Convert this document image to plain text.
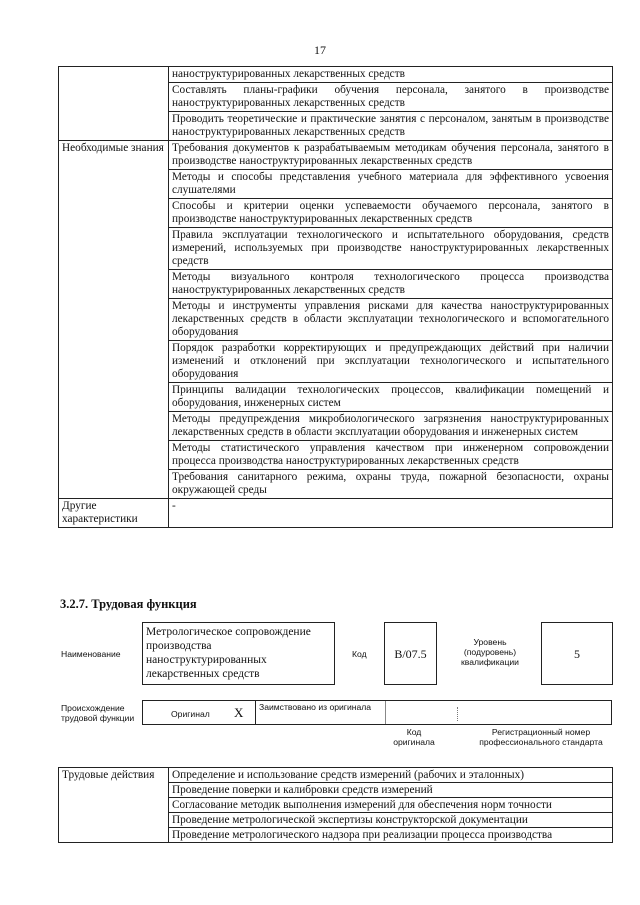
17
	наноструктурированных лекарственных средств
	Составлять планы-графики обучения персонала, занятого в производстве наноструктурированных лекарственных средств
	Проводить теоретические и практические занятия с персоналом, занятым в производстве наноструктурированных лекарственных средств
Необходимые знания	Требования документов к разрабатываемым методикам обучения персонала, занятого в производстве наноструктурированных лекарственных средств
	Методы и способы представления учебного материала для эффективного усвоения слушателями
	Способы и критерии оценки успеваемости обучаемого персонала, занятого в производстве наноструктурированных лекарственных средств
	Правила эксплуатации технологического и испытательного оборудования, средств измерений, используемых при производстве наноструктурированных лекарственных средств
	Методы визуального контроля технологического процесса производства наноструктурированных лекарственных средств
	Методы и инструменты управления рисками для качества наноструктурированных лекарственных средств в области эксплуатации технологического и вспомогательного оборудования
	Порядок разработки корректирующих и предупреждающих действий при наличии изменений и отклонений при эксплуатации технологического и испытательного оборудования
	Принципы валидации технологических процессов, квалификации помещений и оборудования, инженерных систем
	Методы предупреждения микробиологического загрязнения наноструктурированных лекарственных средств в области эксплуатации оборудования и инженерных систем
	Методы статистического управления качеством при инженерном сопровождении процесса производства наноструктурированных лекарственных средств
	Требования санитарного режима, охраны труда, пожарной безопасности, охраны окружающей среды
Другие характеристики	-
3.2.7. Трудовая функция
Наименование
Метрологическое сопровождение производства наноструктурированных лекарственных средств
Код	B/07.5
Уровень (подуровень) квалификации
5
Происхождение трудовой функции	Оригинал X Заимствовано из оригинала
Код оригинала
Регистрационный номер профессионального стандарта
Трудовые действия	Определение и использование средств измерений (рабочих и эталонных)
Проведение поверки и калибровки средств измерений
Согласование методик выполнения измерений для обеспечения норм точности
Проведение метрологической экспертизы конструкторской документации
Проведение метрологического надзора при реализации процесса производства
